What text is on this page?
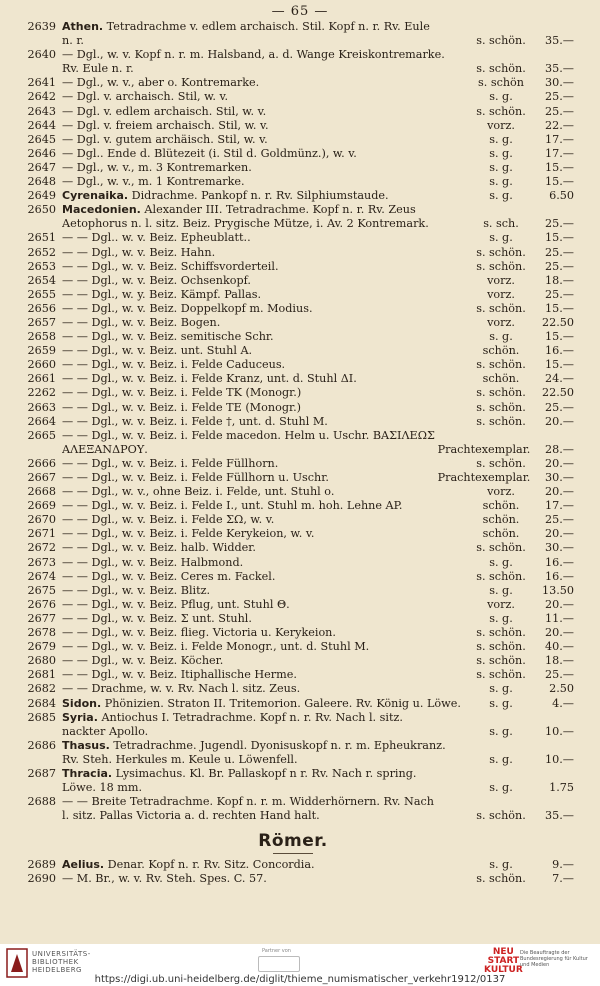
— 65 —
2639 Athen. Tetradrachme v. edlem archaisch. Stil. Kopf n. r. Rv. Eule
n. r.	s. schön.	35.—
2640 — Dgl., w. v. Kopf n. r. m. Halsband, a. d. Wange Kreiskontremarke.
Rv. Eule n. r.	s. schön.	35.—
2641 — Dgl., w. v., aber o. Kontremarke.	s. schön	30.—
2642 — Dgl. v. archaisch. Stil, w. v.	s. g.	25.—
2643 — Dgl. v. edlem archaisch. Stil, w. v.	s. schön.	25.—
2644 — Dgl. v. freiem archaisch. Stil, w. v.	vorz.	22.—
2645 — Dgl. v. gutem archäisch. Stil, w. v.	s. g.	17.—
2646 — Dgl.. Ende d. Blütezeit (i. Stil d. Goldmünz.), w. v.	s. g.	17.—
2647 — Dgl., w. v., m. 3 Kontremarken.	s. g.	15.—
2648 — Dgl., w. v., m. 1 Kontremarke.	s. g.	15.—
2649 Cyrenaika. Didrachme. Pankopf n. r. Rv. Silphiumstaude.	s. g.	6.50
2650 Macedonien. Alexander III. Tetradrachme. Kopf n. r. Rv. Zeus
Aetophorus n. l. sitz. Beiz. Prygische Mütze, i. Av. 2 Kontremark.	s. sch.	25.—
2651 — — Dgl.. w. v. Beiz. Epheublatt..	s. g.	15.—
2652 — — Dgl., w. v. Beiz. Hahn.	s. schön.	25.—
2653 — — Dgl., w. v. Beiz. Schiffsvorderteil.	s. schön.	25.—
2654 — — Dgl., w. v. Beiz. Ochsenkopf.	vorz.	18.—
2655 — — Dgl., w. y. Beiz. Kämpf. Pallas.	vorz.	25.—
2656 — — Dgl., w. v. Beiz. Doppelkopf m. Modius.	s. schön.	15.—
2657 — — Dgl., w. v. Beiz. Bogen.	vorz.	22.50
2658 — — Dgl., w. v. Beiz. semitische Schr.	s. g.	15.—
2659 — — Dgl., w. v. Beiz. unt. Stuhl A.	schön.	16.—
2660 — — Dgl., w. v. Beiz. i. Felde Caduceus.	s. schön.	15.—
2661 — — Dgl., w. v. Beiz. i. Felde Kranz, unt. d. Stuhl ΔI.	schön.	24.—
2262 — — Dgl., w. v. Beiz. i. Felde TK (Monogr.)	s. schön.	22.50
2663 — — Dgl., w. v. Beiz. i. Felde TE (Monogr.)	s. schön.	25.—
2664 — — Dgl., w. v. Beiz. i. Felde †, unt. d. Stuhl M.	s. schön.	20.—
2665 — — Dgl., w. v. Beiz. i. Felde macedon. Helm u. Uschr. ΒΑΣΙΛΕΩΣ
ΑΛΕΞΑΝΔΡΟΥ.	Prachtexemplar.	28.—
2666 — — Dgl., w. v. Beiz. i. Felde Füllhorn.	s. schön.	20.—
2667 — — Dgl., w. v. Beiz. i. Felde Füllhorn u. Uschr.	Prachtexemplar.	30.—
2668 — — Dgl., w. v., ohne Beiz. i. Felde, unt. Stuhl o.	vorz.	20.—
2669 — — Dgl., w. v. Beiz. i. Felde I., unt. Stuhl m. hoh. Lehne AP.	schön.	17.—
2670 — — Dgl., w. v. Beiz. i. Felde ΣΩ, w. v.	schön.	25.—
2671 — — Dgl., w. v. Beiz. i. Felde Kerykeion, w. v.	schön.	20.—
2672 — — Dgl., w. v. Beiz. halb. Widder.	s. schön.	30.—
2673 — — Dgl., w. v. Beiz. Halbmond.	s. g.	16.—
2674 — — Dgl., w. v. Beiz. Ceres m. Fackel.	s. schön.	16.—
2675 — — Dgl., w. v. Beiz. Blitz.	s. g.	13.50
2676 — — Dgl., w. v. Beiz. Pflug, unt. Stuhl Θ.	vorz.	20.—
2677 — — Dgl., w. v. Beiz. Σ unt. Stuhl.	s. g.	11.—
2678 — — Dgl., w. v. Beiz. flieg. Victoria u. Kerykeion.	s. schön.	20.—
2679 — — Dgl., w. v. Beiz. i. Felde Monogr., unt. d. Stuhl M.	s. schön.	40.—
2680 — — Dgl., w. v. Beiz. Köcher.	s. schön.	18.—
2681 — — Dgl., w. v. Beiz. Itiphallische Herme.	s. schön.	25.—
2682 — — Drachme, w. v. Rv. Nach l. sitz. Zeus.	s. g.	2.50
2684 Sidon. Phönizien. Straton II. Tritemorion. Galeere. Rv. König u. Löwe.	s. g.	4.—
2685 Syria. Antiochus I. Tetradrachme. Kopf n. r. Rv. Nach l. sitz.
nackter Apollo.	s. g.	10.—
2686 Thasus. Tetradrachme. Jugendl. Dyonisuskopf n. r. m. Epheukranz.
Rv. Steh. Herkules m. Keule u. Löwenfell.	s. g.	10.—
2687 Thracia. Lysimachus. Kl. Br. Pallaskopf n r. Rv. Nach r. spring.
Löwe. 18 mm.	s. g.	1.75
2688 — — Breite Tetradrachme. Kopf n. r. m. Widderhörnern. Rv. Nach
l. sitz. Pallas Victoria a. d. rechten Hand halt.	s. schön.	35.—
Römer.
2689 Aelius. Denar. Kopf n. r. Rv. Sitz. Concordia.	s. g.	9.—
2690 — M. Br., w. v. Rv. Steh. Spes. C. 57.	s. schön.	7.—
UNIVERSITÄTS-
BIBLIOTHEK
HEIDELBERG
Partner von	NEU
START
KULTUR
Die Beauftragte der Bundesregierung für Kultur und Medien
https://digi.ub.uni-heidelberg.de/diglit/thieme_numismatischer_verkehr1912/0137
